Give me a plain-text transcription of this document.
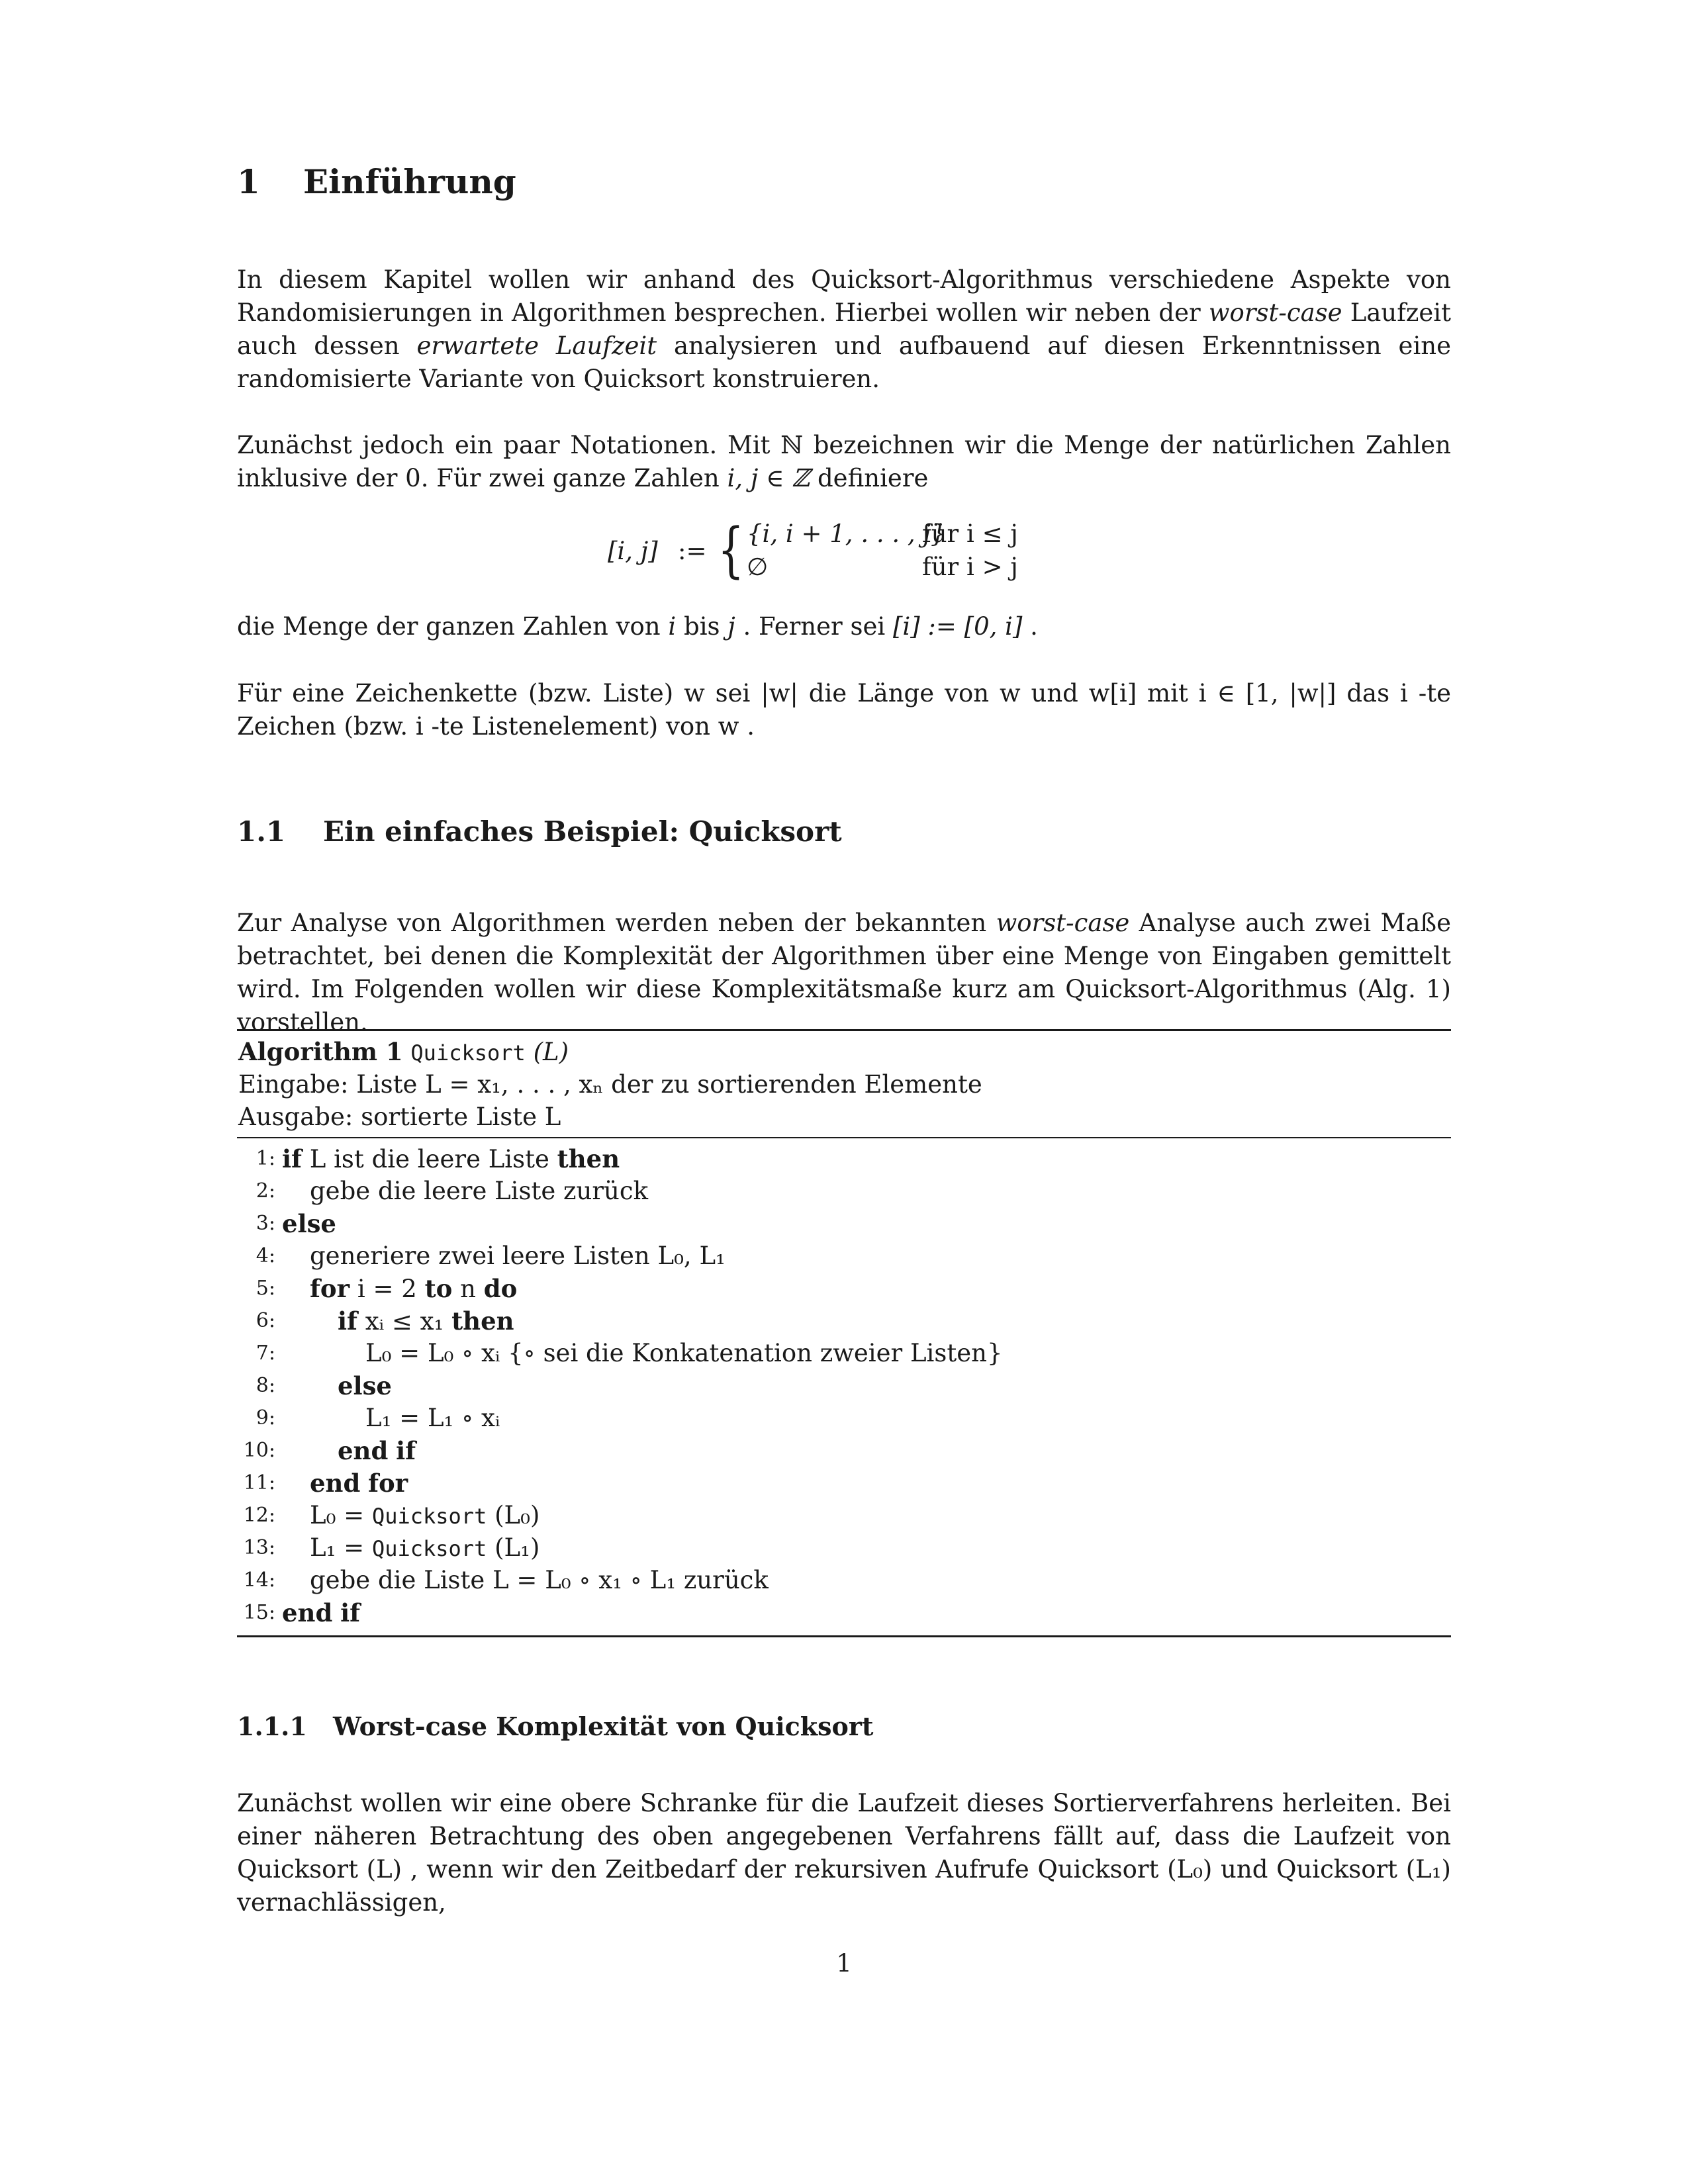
1 Einführung
In diesem Kapitel wollen wir anhand des Quicksort-Algorithmus verschiedene Aspekte von Randomisierungen in Algorithmen besprechen. Hierbei wollen wir neben der worst-case Laufzeit auch dessen erwartete Laufzeit analysieren und aufbauend auf diesen Erkenntnissen eine randomisierte Variante von Quicksort konstruieren.
Zunächst jedoch ein paar Notationen. Mit ℕ bezeichnen wir die Menge der natürlichen Zahlen inklusive der 0. Für zwei ganze Zahlen i, j ∈ ℤ definiere
[i, j] := { {i, i + 1, . . . , j}
∅
für i ≤ j
für i > j
die Menge der ganzen Zahlen von i bis j . Ferner sei [i] := [0, i] .
Für eine Zeichenkette (bzw. Liste) w sei |w| die Länge von w und w[i] mit i ∈ [1, |w|] das i -te Zeichen (bzw. i -te Listenelement) von w .
1.1 Ein einfaches Beispiel: Quicksort
Zur Analyse von Algorithmen werden neben der bekannten worst-case Analyse auch zwei Maße betrachtet, bei denen die Komplexität der Algorithmen über eine Menge von Eingaben gemittelt wird. Im Folgenden wollen wir diese Komplexitätsmaße kurz am Quicksort-Algorithmus (Alg. 1) vorstellen.
Algorithm 1 Quicksort (L)
Eingabe: Liste L = x₁, . . . , xₙ der zu sortierenden Elemente
Ausgabe: sortierte Liste L
1: if L ist die leere Liste then
2: gebe die leere Liste zurück
3: else
4: generiere zwei leere Listen L₀, L₁
5: for i = 2 to n do
6:	if xᵢ ≤ x₁ then
7:	L₀ = L₀ ∘ xᵢ {∘ sei die Konkatenation zweier Listen}
8:	else
9:	L₁ = L₁ ∘ xᵢ
10:	end if
11: end for
12: L₀ = Quicksort (L₀)
13: L₁ = Quicksort (L₁)
14: gebe die Liste L = L₀ ∘ x₁ ∘ L₁ zurück
15: end if
1.1.1 Worst-case Komplexität von Quicksort
Zunächst wollen wir eine obere Schranke für die Laufzeit dieses Sortierverfahrens herleiten. Bei einer näheren Betrachtung des oben angegebenen Verfahrens fällt auf, dass die Laufzeit von Quicksort (L) , wenn wir den Zeitbedarf der rekursiven Aufrufe Quicksort (L₀) und Quicksort (L₁) vernachlässigen,
1
